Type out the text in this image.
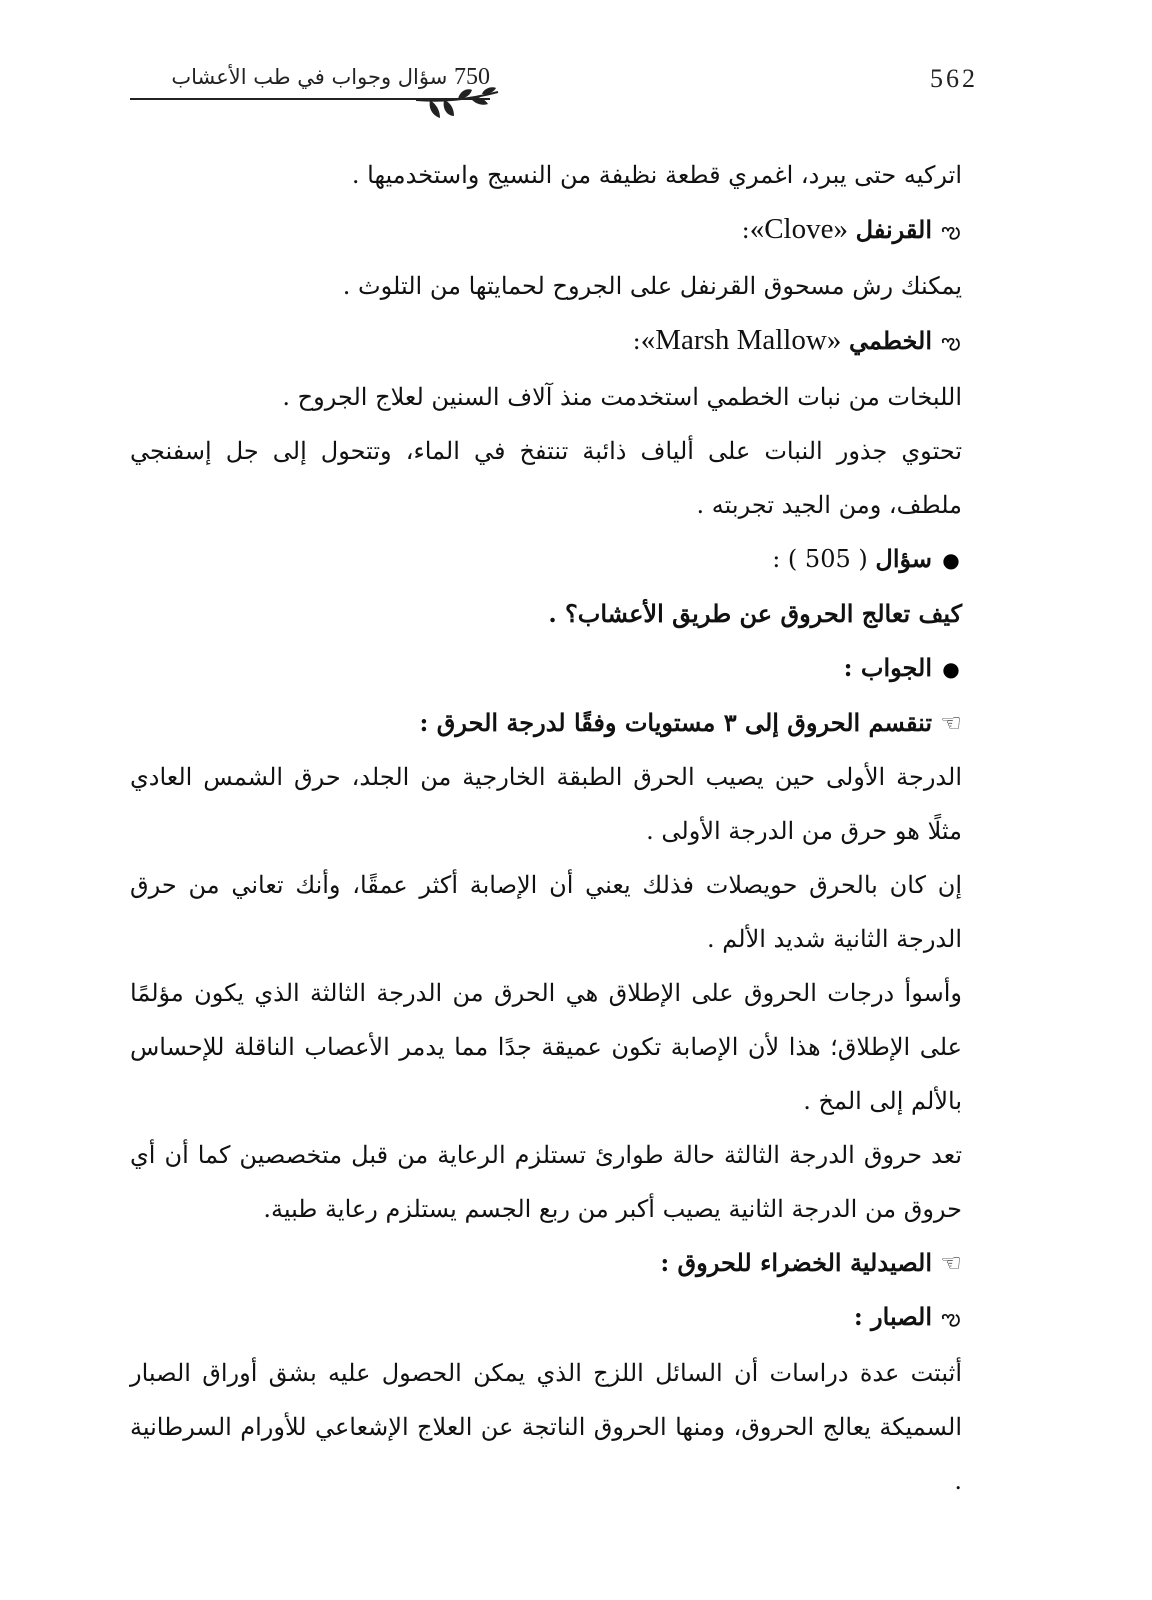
562
750 سؤال وجواب في طب الأعشاب

اتركيه حتى يبرد، اغمري قطعة نظيفة من النسيج واستخدميها .

ఌالقرنفل «Clove»:

يمكنك رش مسحوق القرنفل على الجروح لحمايتها من التلوث .

ఌالخطمي «Marsh Mallow»:

اللبخات من نبات الخطمي استخدمت منذ آلاف السنين لعلاج الجروح .

تحتوي جذور النبات على ألياف ذائبة تنتفخ في الماء، وتتحول إلى جل إسفنجي ملطف، ومن الجيد تجربته .

●سؤال ( 505 ) :

كيف تعالج الحروق عن طريق الأعشاب؟ .

●الجواب :

☜تنقسم الحروق إلى ٣ مستويات وفقًا لدرجة الحرق :

الدرجة الأولى حين يصيب الحرق الطبقة الخارجية من الجلد، حرق الشمس العادي مثلًا هو حرق من الدرجة الأولى .

إن كان بالحرق حويصلات فذلك يعني أن الإصابة أكثر عمقًا، وأنك تعاني من حرق الدرجة الثانية شديد الألم .

وأسوأ درجات الحروق على الإطلاق هي الحرق من الدرجة الثالثة الذي يكون مؤلمًا على الإطلاق؛ هذا لأن الإصابة تكون عميقة جدًا مما يدمر الأعصاب الناقلة للإحساس بالألم إلى المخ .

تعد حروق الدرجة الثالثة حالة طوارئ تستلزم الرعاية من قبل متخصصين كما أن أي حروق من الدرجة الثانية يصيب أكبر من ربع الجسم يستلزم رعاية طبية.

☜الصيدلية الخضراء للحروق :

ఌالصبار :

أثبتت عدة دراسات أن السائل اللزج الذي يمكن الحصول عليه بشق أوراق الصبار السميكة يعالج الحروق، ومنها الحروق الناتجة عن العلاج الإشعاعي للأورام السرطانية .
